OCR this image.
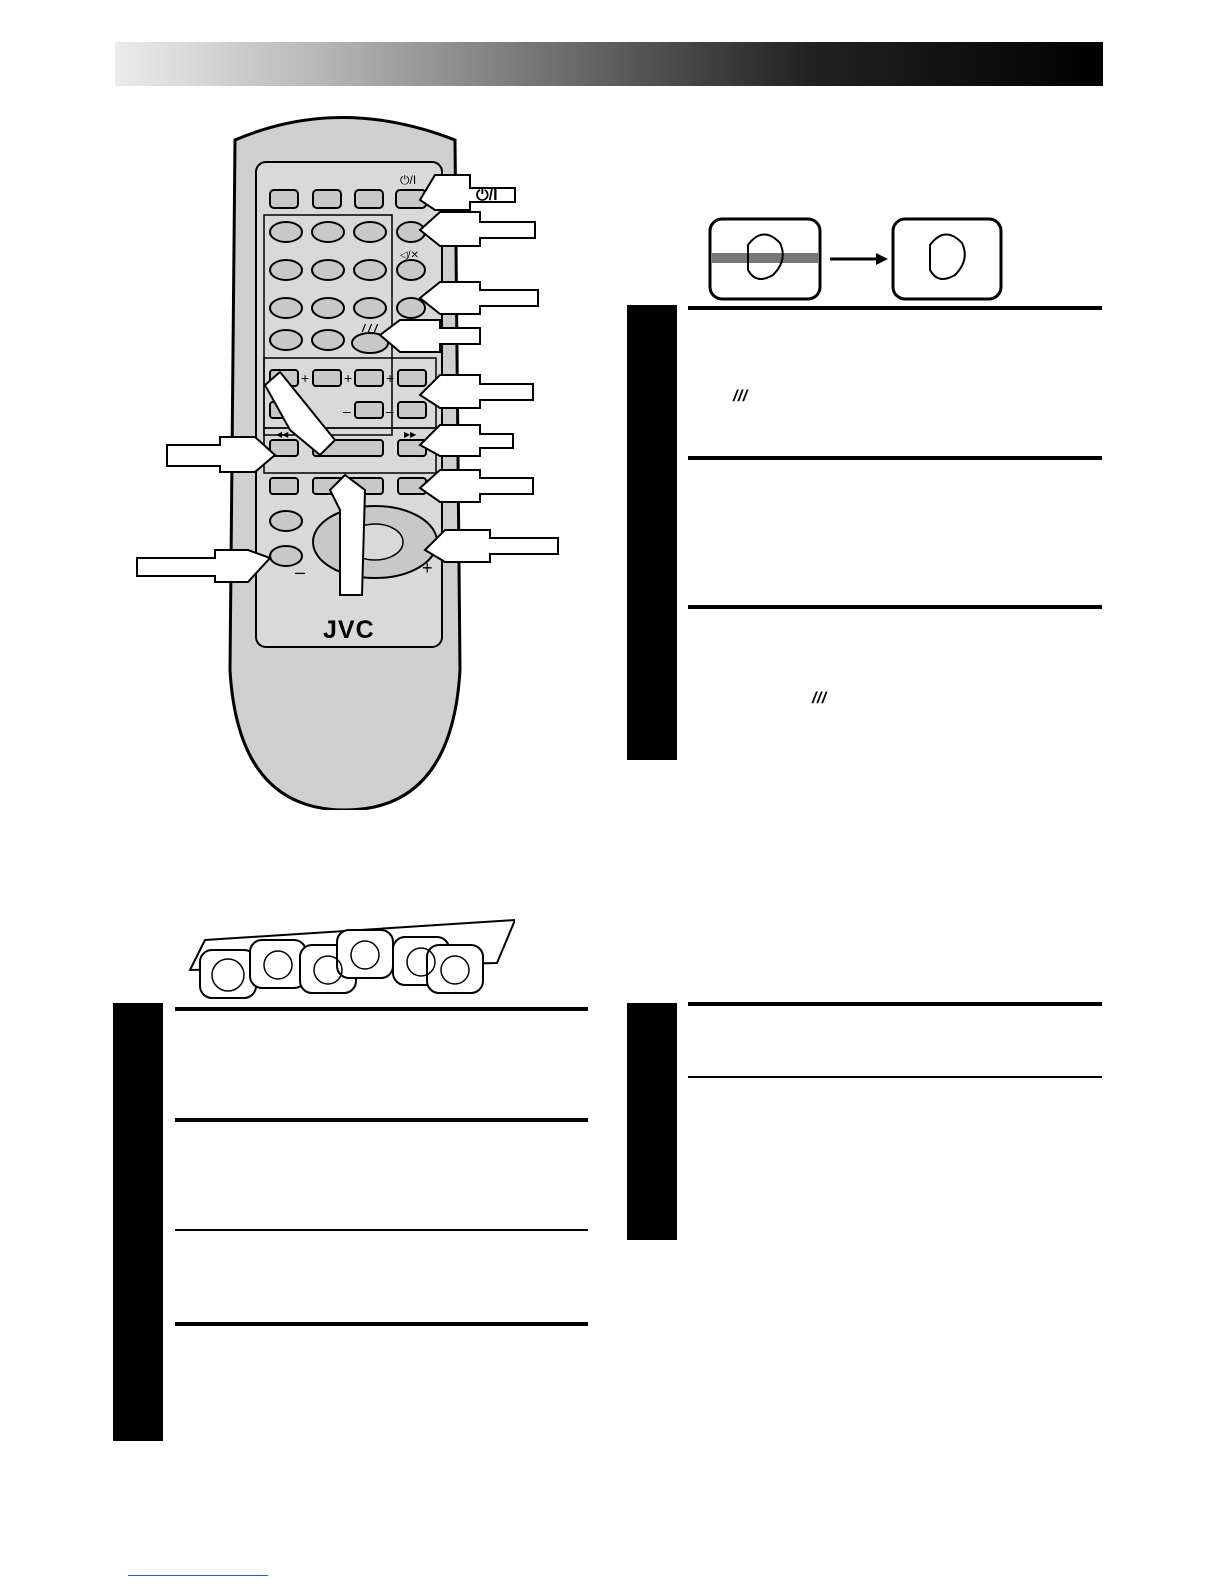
⏻/I
◁/✕
/ / /
+ + +
–	–
◀◀	▶▶
–	+
JVC
⏻/I
/ / /
/ / /
